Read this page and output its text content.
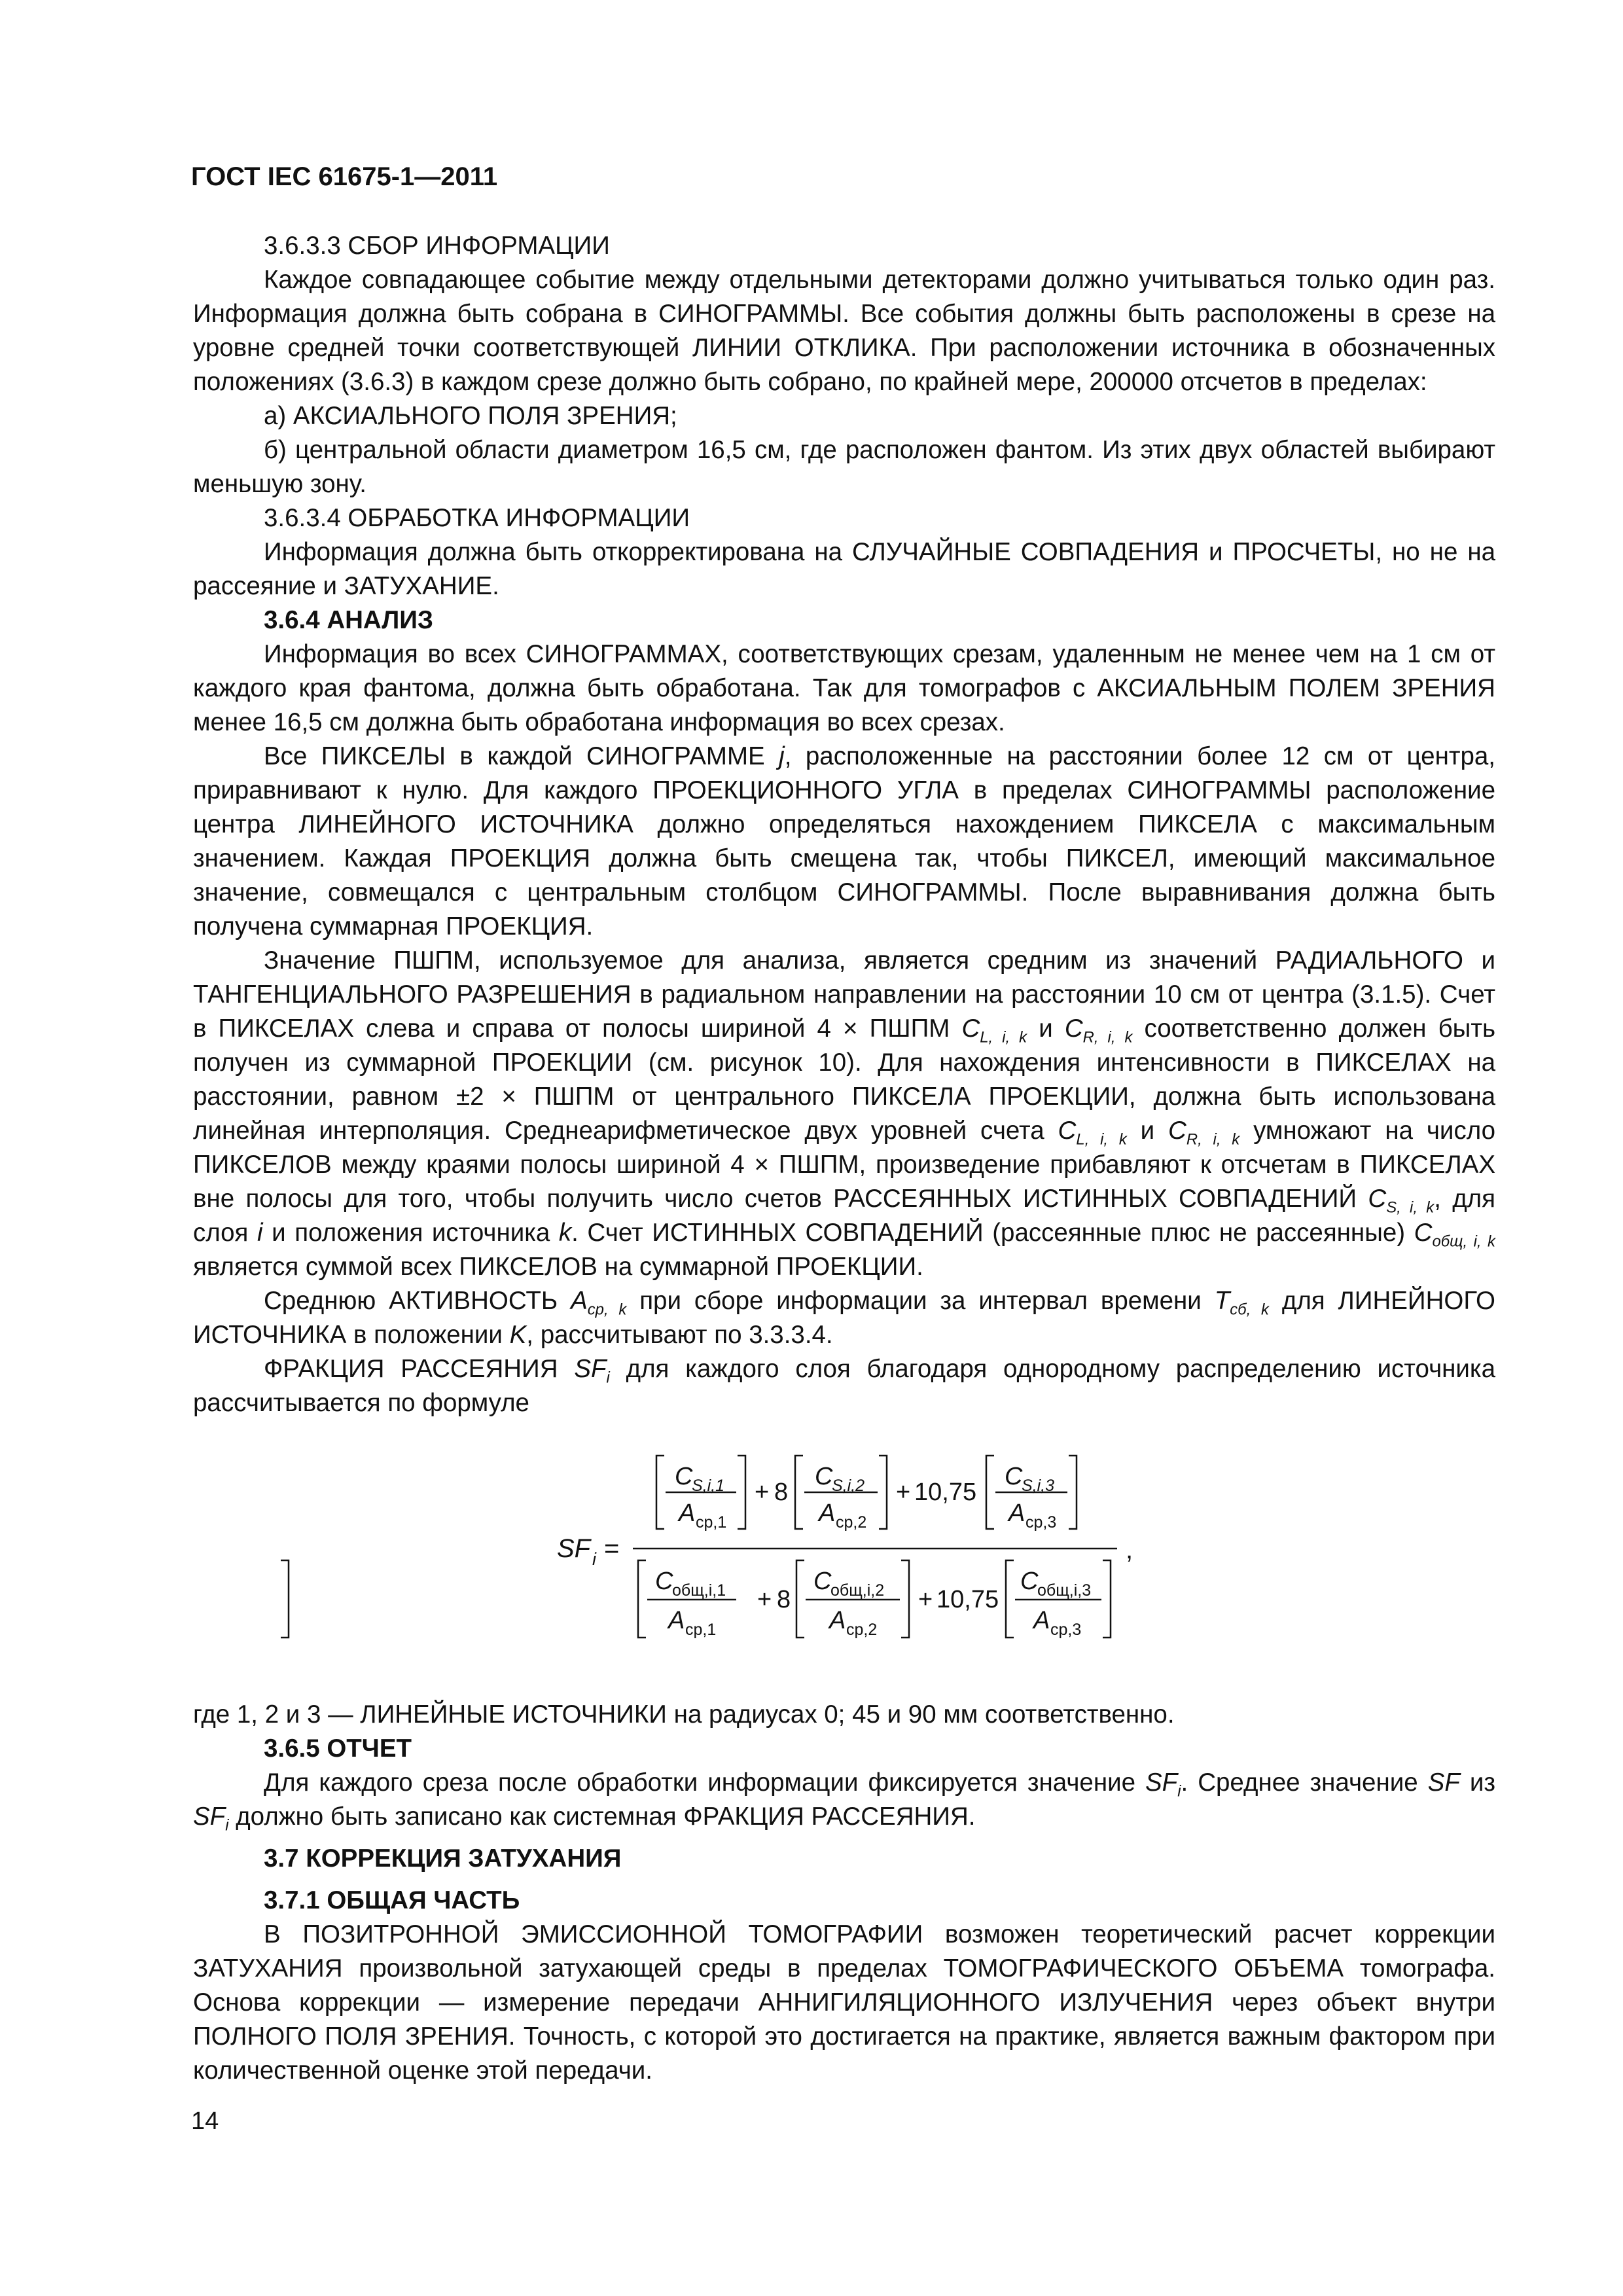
ГОСТ IEC 61675-1—2011

3.6.3.3 СБОР ИНФОРМАЦИИ

Каждое совпадающее событие между отдельными детекторами должно учитываться только один раз. Информация должна быть собрана в СИНОГРАММЫ. Все события должны быть расположены в срезе на уровне средней точки соответствующей ЛИНИИ ОТКЛИКА. При расположении источника в обозначенных положениях (3.6.3) в каждом срезе должно быть собрано, по крайней мере, 200000 отсчетов в пределах:

а) АКСИАЛЬНОГО ПОЛЯ ЗРЕНИЯ;

б) центральной области диаметром 16,5 см, где расположен фантом. Из этих двух областей выбирают меньшую зону.

3.6.3.4 ОБРАБОТКА ИНФОРМАЦИИ

Информация должна быть откорректирована на СЛУЧАЙНЫЕ СОВПАДЕНИЯ и ПРОСЧЕТЫ, но не на рассеяние и ЗАТУХАНИЕ.

3.6.4 АНАЛИЗ

Информация во всех СИНОГРАММАХ, соответствующих срезам, удаленным не менее чем на 1 см от каждого края фантома, должна быть обработана. Так для томографов с АКСИАЛЬНЫМ ПОЛЕМ ЗРЕНИЯ менее 16,5 см должна быть обработана информация во всех срезах.

Все ПИКСЕЛЫ в каждой СИНОГРАММЕ j, расположенные на расстоянии более 12 см от центра, приравнивают к нулю. Для каждого ПРОЕКЦИОННОГО УГЛА в пределах СИНОГРАММЫ расположение центра ЛИНЕЙНОГО ИСТОЧНИКА должно определяться нахождением ПИКСЕЛА с максимальным значением. Каждая ПРОЕКЦИЯ должна быть смещена так, чтобы ПИКСЕЛ, имеющий максимальное значение, совмещался с центральным столбцом СИНОГРАММЫ. После выравнивания должна быть получена суммарная ПРОЕКЦИЯ.

Значение ПШПМ, используемое для анализа, является средним из значений РАДИАЛЬНОГО и ТАНГЕНЦИАЛЬНОГО РАЗРЕШЕНИЯ в радиальном направлении на расстоянии 10 см от центра (3.1.5). Счет в ПИКСЕЛАХ слева и справа от полосы шириной 4 × ПШПМ $C_{L, i, k}$ и $C_{R, i, k}$ соответственно должен быть получен из суммарной ПРОЕКЦИИ (см. рисунок 10). Для нахождения интенсивности в ПИКСЕЛАХ на расстоянии, равном ±2 × ПШПМ от центрального ПИКСЕЛА ПРОЕКЦИИ, должна быть использована линейная интерполяция. Среднеарифметическое двух уровней счета $C_{L, i, k}$ и $C_{R, i, k}$ умножают на число ПИКСЕЛОВ между краями полосы шириной 4 × ПШПМ, произведение прибавляют к отсчетам в ПИКСЕЛАХ вне полосы для того, чтобы получить число счетов РАССЕЯННЫХ ИСТИННЫХ СОВПАДЕНИЙ $C_{S, i, k}$, для слоя i и положения источника k. Счет ИСТИННЫХ СОВПАДЕНИЙ (рассеянные плюс не рассеянные) $C_{общ, i, k}$ является суммой всех ПИКСЕЛОВ на суммарной ПРОЕКЦИИ.

Среднюю АКТИВНОСТЬ $A_{ср, k}$ при сборе информации за интервал времени $T_{сб, k}$ для ЛИНЕЙНОГО ИСТОЧНИКА в положении K, рассчитывают по 3.3.3.4.

ФРАКЦИЯ РАССЕЯНИЯ $SF_i$ для каждого слоя благодаря однородному распределению источника рассчитывается по формуле

SF i =	,
C
S,i,1
A ср,1
+ 8
C
S,i,2
A ср,2
+ 10,75
C
S,i,3
A ср,3
C
общ,i,1
A ср,1
+ 8
C
общ,i,2
A ср,2
+ 10,75
C
общ,i,3
A ср,3

где 1, 2 и 3 — ЛИНЕЙНЫЕ ИСТОЧНИКИ на радиусах 0; 45 и 90 мм соответственно.

3.6.5 ОТЧЕТ

Для каждого среза после обработки информации фиксируется значение $SF_i$. Среднее значение SF из $SF_i$ должно быть записано как системная ФРАКЦИЯ РАССЕЯНИЯ.

3.7 КОРРЕКЦИЯ ЗАТУХАНИЯ

3.7.1 ОБЩАЯ ЧАСТЬ

В ПОЗИТРОННОЙ ЭМИССИОННОЙ ТОМОГРАФИИ возможен теоретический расчет коррекции ЗАТУХАНИЯ произвольной затухающей среды в пределах ТОМОГРАФИЧЕСКОГО ОБЪЕМА томографа. Основа коррекции — измерение передачи АННИГИЛЯЦИОННОГО ИЗЛУЧЕНИЯ через объект внутри ПОЛНОГО ПОЛЯ ЗРЕНИЯ. Точность, с которой это достигается на практике, является важным фактором при количественной оценке этой передачи.

14
